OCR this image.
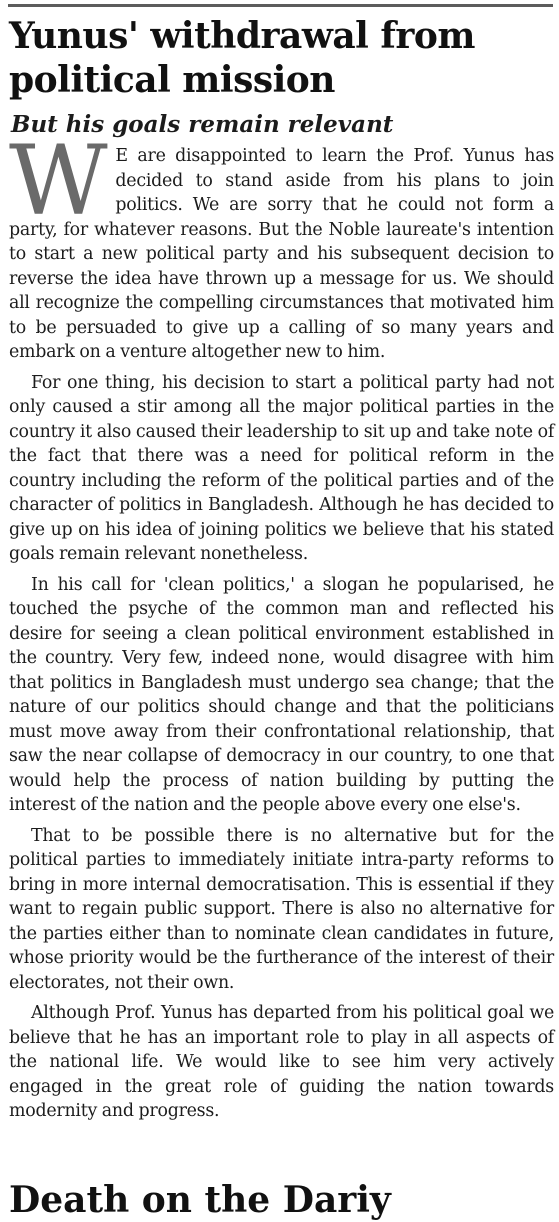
Yunus' withdrawal from political mission
But his goals remain relevant

W E are disappointed to learn the Prof. Yunus has decided to stand aside from his plans to join politics. We are sorry that he could not form a party, for whatever reasons. But the Noble laureate's intention to start a new political party and his subsequent decision to reverse the idea have thrown up a message for us. We should all recognize the compelling circumstances that motivated him to be persuaded to give up a calling of so many years and embark on a venture altogether new to him.

For one thing, his decision to start a political party had not only caused a stir among all the major political parties in the country it also caused their leadership to sit up and take note of the fact that there was a need for political reform in the country including the reform of the political parties and of the character of politics in Bangladesh. Although he has decided to give up on his idea of joining politics we believe that his stated goals remain relevant nonetheless.

In his call for 'clean politics,' a slogan he popularised, he touched the psyche of the common man and reflected his desire for seeing a clean political environment established in the country. Very few, indeed none, would disagree with him that politics in Bangladesh must undergo sea change; that the nature of our politics should change and that the politicians must move away from their confrontational relationship, that saw the near collapse of democracy in our country, to one that would help the process of nation building by putting the interest of the nation and the people above every one else's.

That to be possible there is no alternative but for the political parties to immediately initiate intra-party reforms to bring in more internal democratisation. This is essential if they want to regain public support. There is also no alternative for the parties either than to nominate clean candidates in future, whose priority would be the furtherance of the interest of their electorates, not their own.

Although Prof. Yunus has departed from his political goal we believe that he has an important role to play in all aspects of the national life. We would like to see him very actively engaged in the great role of guiding the nation towards modernity and progress.

Death on the Dariy
